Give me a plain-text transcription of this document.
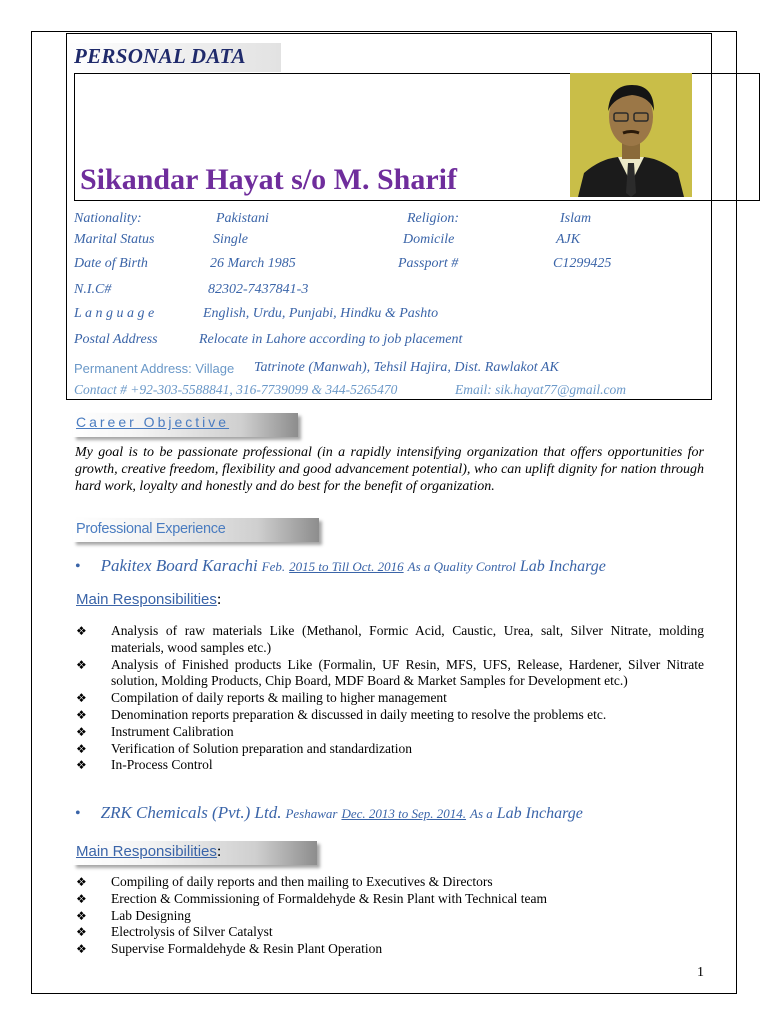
PERSONAL DATA
Sikandar Hayat s/o M. Sharif
Nationality:	Pakistani	Religion:	Islam
Marital Status	Single	Domicile	AJK
Date of Birth	26 March 1985	Passport #	C1299425
N.I.C#	82302-7437841-3
L a n g u a g e	English, Urdu, Punjabi, Hindku & Pashto
Postal Address	Relocate in Lahore according to job placement
Permanent Address: Village Tatrinote (Manwah), Tehsil Hajira, Dist. Rawlakot AK
Contact # +92-303-5588841, 316-7739099 & 344-5265470	Email: sik.hayat77@gmail.com
Career Objective
My goal is to be passionate professional (in a rapidly intensifying organization that offers opportunities for growth, creative freedom, flexibility and good advancement potential), who can uplift dignity for nation through hard work, loyalty and honestly and do best for the benefit of organization.
Professional Experience
• Pakitex Board Karachi Feb. 2015 to Till Oct. 2016 As a Quality Control Lab Incharge
Main Responsibilities:
❖ Analysis of raw materials Like (Methanol, Formic Acid, Caustic, Urea, salt, Silver Nitrate, molding materials, wood samples etc.)
❖ Analysis of Finished products Like (Formalin, UF Resin, MFS, UFS, Release, Hardener, Silver Nitrate solution, Molding Products, Chip Board, MDF Board & Market Samples for Development etc.)
❖ Compilation of daily reports & mailing to higher management
❖ Denomination reports preparation & discussed in daily meeting to resolve the problems etc.
❖ Instrument Calibration
❖ Verification of Solution preparation and standardization
❖ In-Process Control
• ZRK Chemicals (Pvt.) Ltd. Peshawar Dec. 2013 to Sep. 2014. As a Lab Incharge
Main Responsibilities:
❖ Compiling of daily reports and then mailing to Executives & Directors
❖ Erection & Commissioning of Formaldehyde & Resin Plant with Technical team
❖ Lab Designing
❖ Electrolysis of Silver Catalyst
❖ Supervise Formaldehyde & Resin Plant Operation
1
